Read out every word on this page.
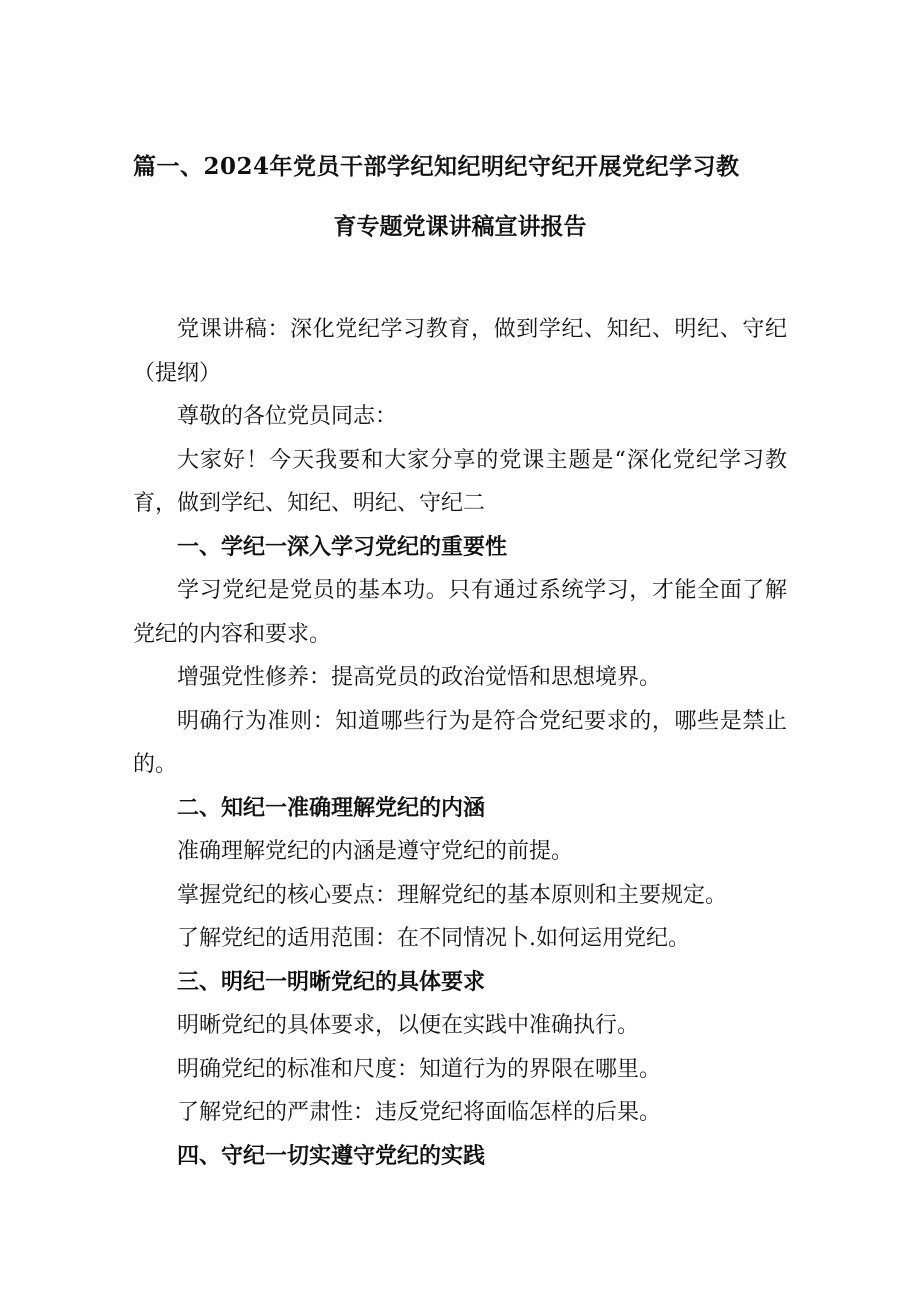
篇一、2024年党员干部学纪知纪明纪守纪开展党纪学习教
育专题党课讲稿宣讲报告

党课讲稿：深化党纪学习教育，做到学纪、知纪、明纪、守纪（提纲）

尊敬的各位党员同志：

大家好！今天我要和大家分享的党课主题是“深化党纪学习教育，做到学纪、知纪、明纪、守纪二

一、学纪一深入学习党纪的重要性

学习党纪是党员的基本功。只有通过系统学习，才能全面了解党纪的内容和要求。

增强党性修养：提高党员的政治觉悟和思想境界。

明确行为准则：知道哪些行为是符合党纪要求的，哪些是禁止的。

二、知纪一准确理解党纪的内涵

准确理解党纪的内涵是遵守党纪的前提。

掌握党纪的核心要点：理解党纪的基本原则和主要规定。

了解党纪的适用范围：在不同情况卜.如何运用党纪。

三、明纪一明晰党纪的具体要求

明晰党纪的具体要求，以便在实践中准确执行。

明确党纪的标准和尺度：知道行为的界限在哪里。

了解党纪的严肃性：违反党纪将面临怎样的后果。

四、守纪一切实遵守党纪的实践
